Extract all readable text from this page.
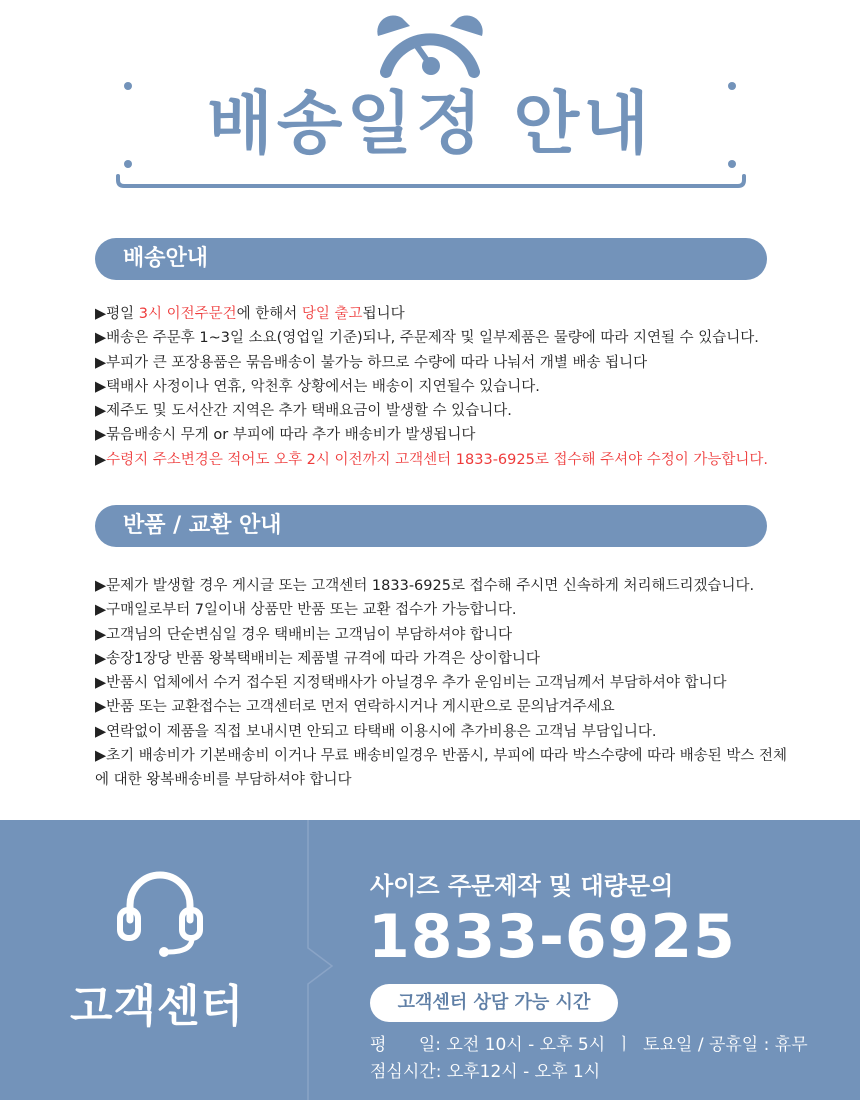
배송일정 안내
배송안내
▶평일 3시 이전주문건에 한해서 당일 출고됩니다
▶배송은 주문후 1~3일 소요(영업일 기준)되나, 주문제작 및 일부제품은 물량에 따라 지연될 수 있습니다.
▶부피가 큰 포장용품은 묶음배송이 불가능 하므로 수량에 따라 나눠서 개별 배송 됩니다
▶택배사 사정이나 연휴, 악천후 상황에서는 배송이 지연될수 있습니다.
▶제주도 및 도서산간 지역은 추가 택배요금이 발생할 수 있습니다.
▶묶음배송시 무게 or 부피에 따라 추가 배송비가 발생됩니다
▶수령지 주소변경은 적어도 오후 2시 이전까지 고객센터 1833-6925로 접수해 주셔야 수정이 가능합니다.
반품 / 교환 안내
▶문제가 발생할 경우 게시글 또는 고객센터 1833-6925로 접수해 주시면 신속하게 처리해드리겠습니다.
▶구매일로부터 7일이내 상품만 반품 또는 교환 접수가 가능합니다.
▶고객님의 단순변심일 경우 택배비는 고객님이 부담하셔야 합니다
▶송장1장당 반품 왕복택배비는 제품별 규격에 따라 가격은 상이합니다
▶반품시 업체에서 수거 접수된 지정택배사가 아닐경우 추가 운임비는 고객님께서 부담하셔야 합니다
▶반품 또는 교환접수는 고객센터로 먼저 연락하시거나 게시판으로 문의남겨주세요
▶연락없이 제품을 직접 보내시면 안되고 타택배 이용시에 추가비용은 고객님 부담입니다.
▶초기 배송비가 기본배송비 이거나 무료 배송비일경우 반품시, 부피에 따라 박스수량에 따라 배송된 박스 전체에 대한 왕복배송비를 부담하셔야 합니다
고객센터
사이즈 주문제작 및 대량문의
1833-6925
고객센터 상담 가능 시간
평      일: 오전 10시 - 오후 5시  ㅣ  토요일 / 공휴일 : 휴무
점심시간: 오후12시 - 오후 1시
